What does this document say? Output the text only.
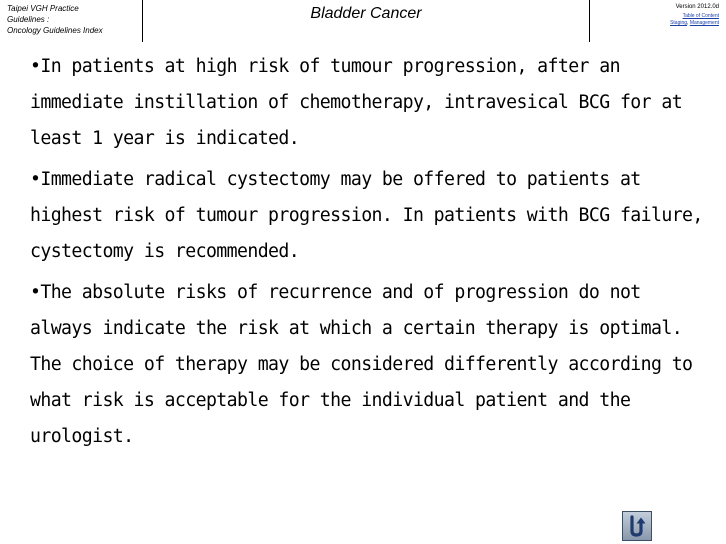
Taipei VGH Practice
Guidelines :
Oncology Guidelines Index
Bladder Cancer	Version 2012.0d
Table of Content
Staging, Management

•In patients at high risk of tumour progression, after an immediate instillation of chemotherapy, intravesical BCG for at least 1 year is indicated.

•Immediate radical cystectomy may be offered to patients at highest risk of tumour progression. In patients with BCG failure, cystectomy is recommended.

•The absolute risks of recurrence and of progression do not always indicate the risk at which a certain therapy is optimal. The choice of therapy may be considered differently according to what risk is acceptable for the individual patient and the urologist.
